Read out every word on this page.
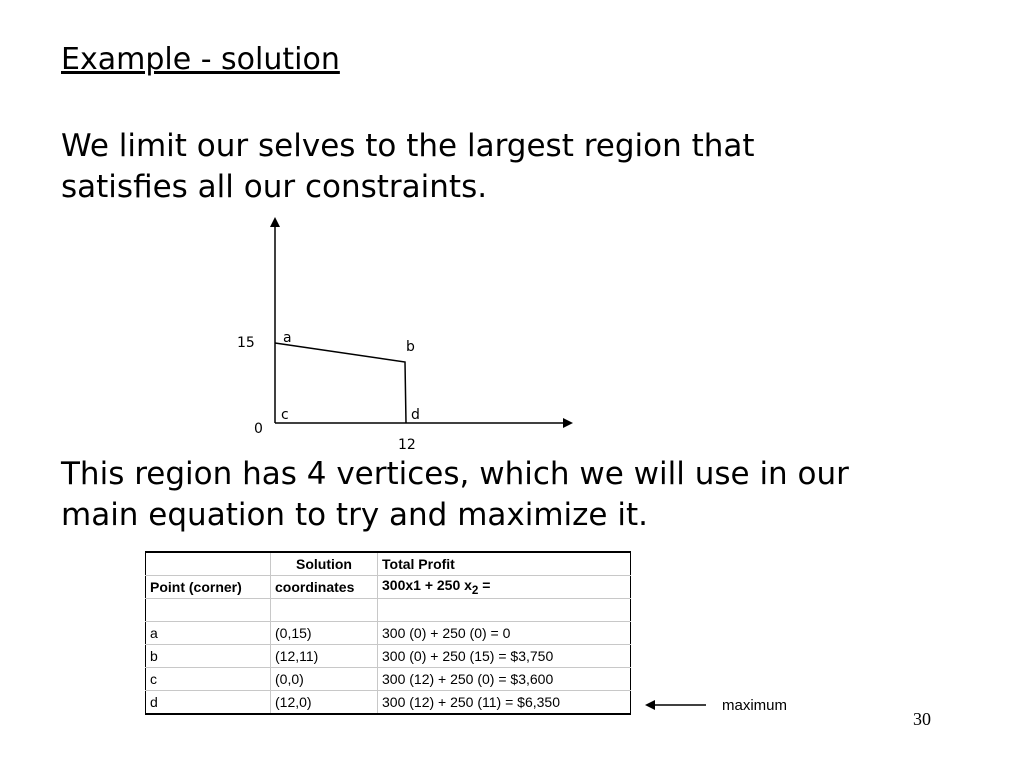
Example - solution
We limit our selves to the largest region that
satisfies all our constraints.
15
0
12
a
b
c	d
This region has 4 vertices, which we will use in our
main equation to try and maximize it.
	Solution	Total Profit
Point (corner)	coordinates	300x1 + 250 $x_2$ =

a	(0,15)	300 (0) + 250 (0) = 0
b	(12,11)	300 (0) + 250 (15) = $3,750
c	(0,0)	300 (12) + 250 (0) = $3,600
d	(12,0)	300 (12) + 250 (11) = $6,350	maximum
30
